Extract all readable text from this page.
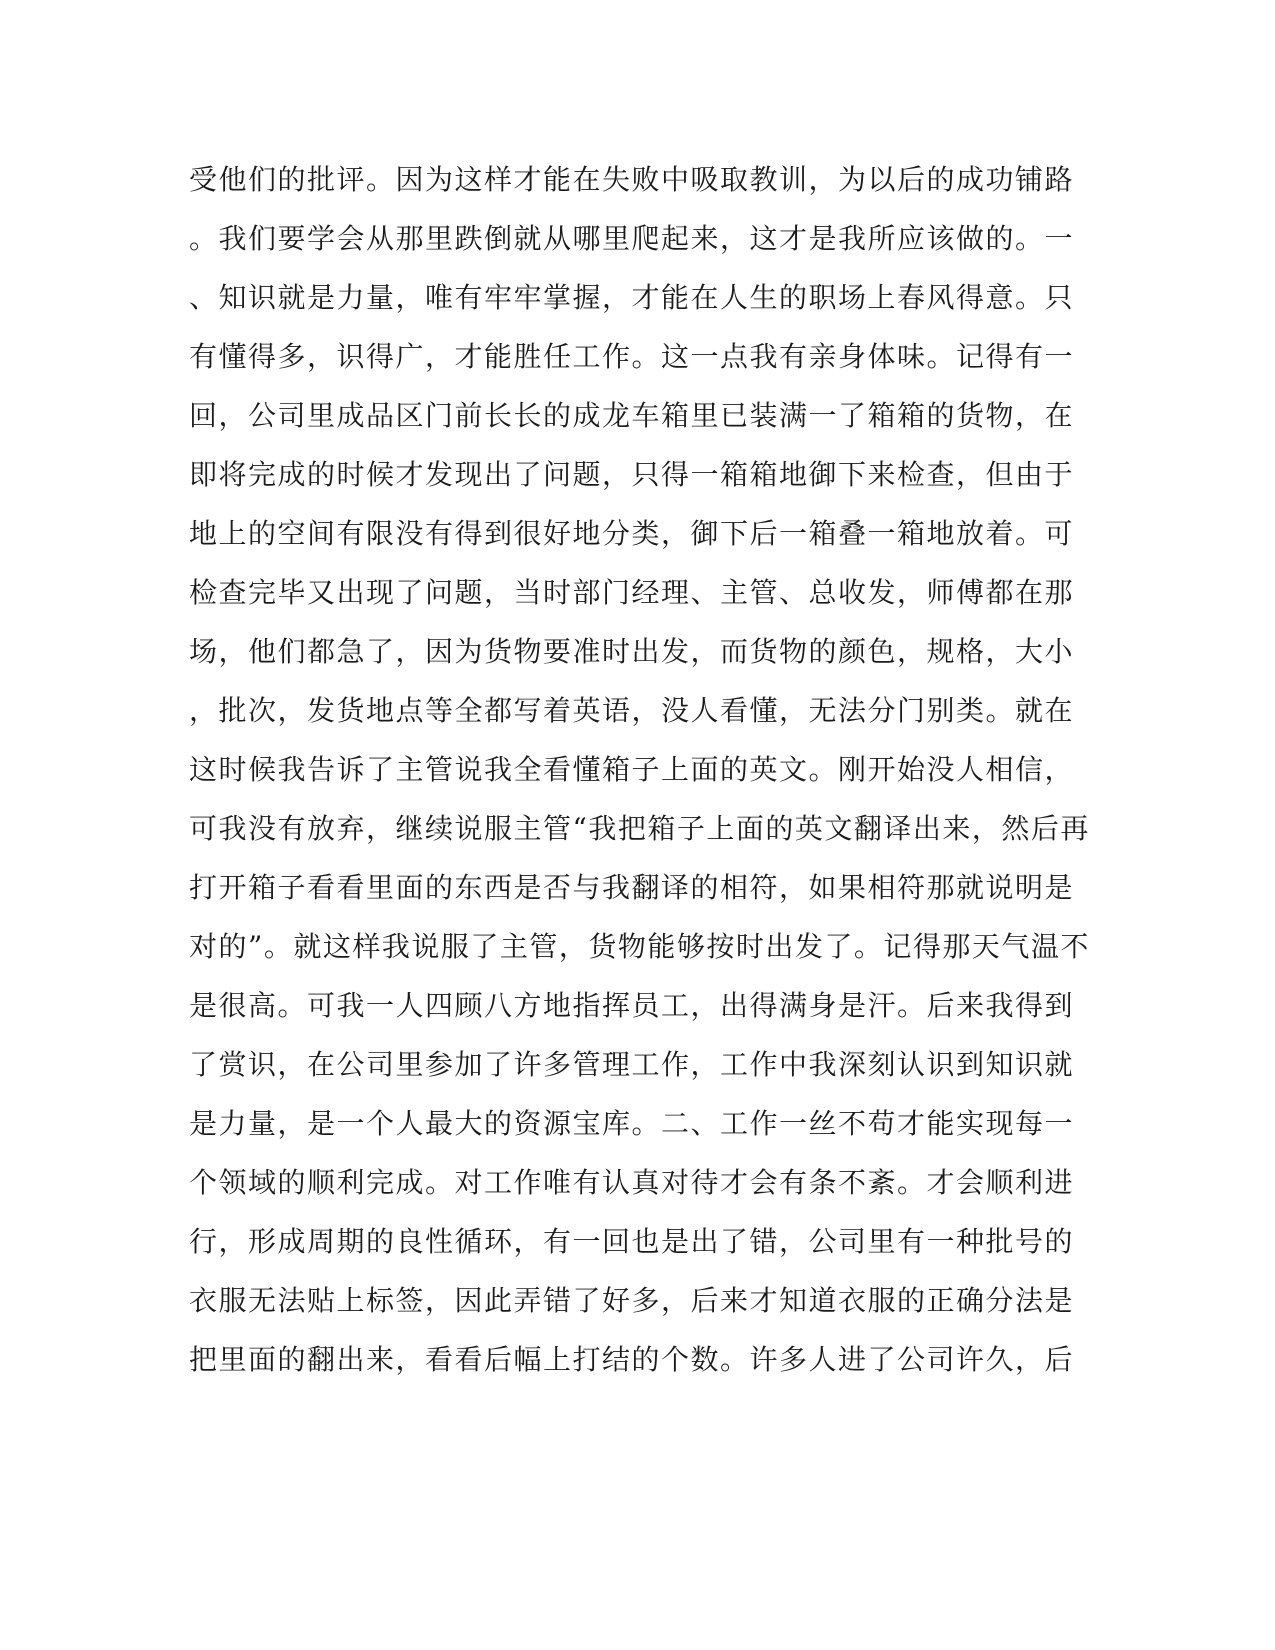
受他们的批评。因为这样才能在失败中吸取教训，为以后的成功铺路
。我们要学会从那里跌倒就从哪里爬起来，这才是我所应该做的。一
、知识就是力量，唯有牢牢掌握，才能在人生的职场上春风得意。只
有懂得多，识得广，才能胜任工作。这一点我有亲身体味。记得有一
回，公司里成品区门前长长的成龙车箱里已装满一了箱箱的货物，在
即将完成的时候才发现出了问题，只得一箱箱地御下来检查，但由于
地上的空间有限没有得到很好地分类，御下后一箱叠一箱地放着。可
检查完毕又出现了问题，当时部门经理、主管、总收发，师傅都在那
场，他们都急了，因为货物要准时出发，而货物的颜色，规格，大小
，批次，发货地点等全都写着英语，没人看懂，无法分门别类。就在
这时候我告诉了主管说我全看懂箱子上面的英文。刚开始没人相信，
可我没有放弃，继续说服主管“我把箱子上面的英文翻译出来，然后再
打开箱子看看里面的东西是否与我翻译的相符，如果相符那就说明是
对的”。就这样我说服了主管，货物能够按时出发了。记得那天气温不
是很高。可我一人四顾八方地指挥员工，出得满身是汗。后来我得到
了赏识，在公司里参加了许多管理工作，工作中我深刻认识到知识就
是力量，是一个人最大的资源宝库。二、工作一丝不苟才能实现每一
个领域的顺利完成。对工作唯有认真对待才会有条不紊。才会顺利进
行，形成周期的良性循环，有一回也是出了错，公司里有一种批号的
衣服无法贴上标签，因此弄错了好多，后来才知道衣服的正确分法是
把里面的翻出来，看看后幅上打结的个数。许多人进了公司许久，后
